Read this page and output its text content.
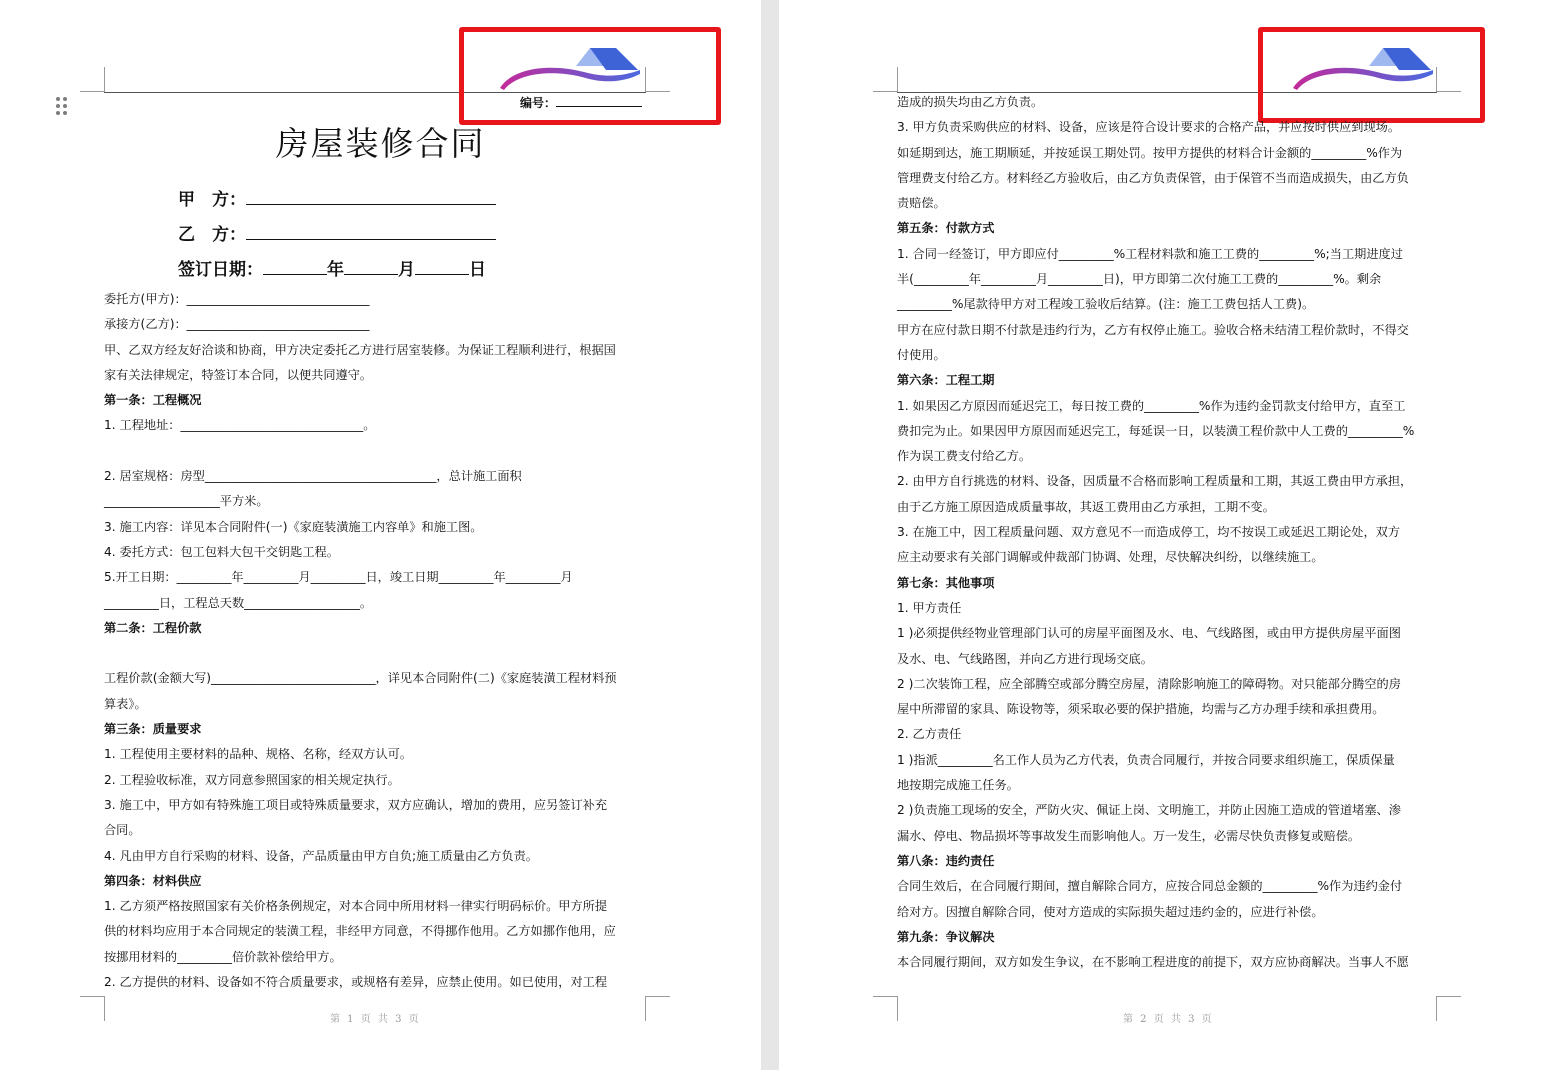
编号：
房屋装修合同
甲　方：
乙　方：
签订日期：	年	月	日

委托方(甲方)：______________________________

承接方(乙方)：______________________________

甲、乙双方经友好洽谈和协商，甲方决定委托乙方进行居室装修。为保证工程顺利进行，根据国

家有关法律规定，特签订本合同，以便共同遵守。

第一条：工程概况

1. 工程地址：______________________________。

2. 居室规格：房型______________________________________，总计施工面积

___________________平方米。

3. 施工内容：详见本合同附件(一)《家庭装潢施工内容单》和施工图。

4. 委托方式：包工包料大包干交钥匙工程。

5.开工日期：_________年_________月_________日，竣工日期_________年_________月

_________日，工程总天数___________________。

第二条：工程价款

工程价款(金额大写)___________________________，详见本合同附件(二)《家庭装潢工程材料预

算表》。

第三条：质量要求

1. 工程使用主要材料的品种、规格、名称，经双方认可。

2. 工程验收标准，双方同意参照国家的相关规定执行。

3. 施工中，甲方如有特殊施工项目或特殊质量要求，双方应确认，增加的费用，应另签订补充

合同。

4. 凡由甲方自行采购的材料、设备，产品质量由甲方自负;施工质量由乙方负责。

第四条：材料供应

1. 乙方须严格按照国家有关价格条例规定，对本合同中所用材料一律实行明码标价。甲方所提

供的材料均应用于本合同规定的装潢工程，非经甲方同意，不得挪作他用。乙方如挪作他用，应

按挪用材料的_________倍价款补偿给甲方。

2. 乙方提供的材料、设备如不符合质量要求，或规格有差异，应禁止使用。如已使用，对工程

第 1 页 共 3 页

造成的损失均由乙方负责。

3. 甲方负责采购供应的材料、设备，应该是符合设计要求的合格产品，并应按时供应到现场。

如延期到达，施工期顺延，并按延误工期处罚。按甲方提供的材料合计金额的_________%作为

管理费支付给乙方。材料经乙方验收后，由乙方负责保管，由于保管不当而造成损失，由乙方负

责赔偿。

第五条：付款方式

1. 合同一经签订，甲方即应付_________%工程材料款和施工工费的_________%;当工期进度过

半(_________年_________月_________日)，甲方即第二次付施工工费的_________%。剩余

_________%尾款待甲方对工程竣工验收后结算。(注：施工工费包括人工费)。

甲方在应付款日期不付款是违约行为，乙方有权停止施工。验收合格未结清工程价款时，不得交

付使用。

第六条：工程工期

1. 如果因乙方原因而延迟完工，每日按工费的_________%作为违约金罚款支付给甲方，直至工

费扣完为止。如果因甲方原因而延迟完工，每延误一日，以装潢工程价款中人工费的_________%

作为误工费支付给乙方。

2. 由甲方自行挑选的材料、设备，因质量不合格而影响工程质量和工期，其返工费由甲方承担，

由于乙方施工原因造成质量事故，其返工费用由乙方承担，工期不变。

3. 在施工中，因工程质量问题、双方意见不一而造成停工，均不按误工或延迟工期论处，双方

应主动要求有关部门调解或仲裁部门协调、处理，尽快解决纠纷，以继续施工。

第七条：其他事项

1. 甲方责任

1 )必须提供经物业管理部门认可的房屋平面图及水、电、气线路图，或由甲方提供房屋平面图

及水、电、气线路图，并向乙方进行现场交底。

2 )二次装饰工程，应全部腾空或部分腾空房屋，清除影响施工的障碍物。对只能部分腾空的房

屋中所滞留的家具、陈设物等，须采取必要的保护措施，均需与乙方办理手续和承担费用。

2. 乙方责任

1 )指派_________名工作人员为乙方代表，负责合同履行，并按合同要求组织施工，保质保量

地按期完成施工任务。

2 )负责施工现场的安全，严防火灾、佩证上岗、文明施工，并防止因施工造成的管道堵塞、渗

漏水、停电、物品损坏等事故发生而影响他人。万一发生，必需尽快负责修复或赔偿。

第八条：违约责任

合同生效后，在合同履行期间，擅自解除合同方，应按合同总金额的_________%作为违约金付

给对方。因擅自解除合同，使对方造成的实际损失超过违约金的，应进行补偿。

第九条：争议解决

本合同履行期间，双方如发生争议，在不影响工程进度的前提下，双方应协商解决。当事人不愿

第 2 页 共 3 页
